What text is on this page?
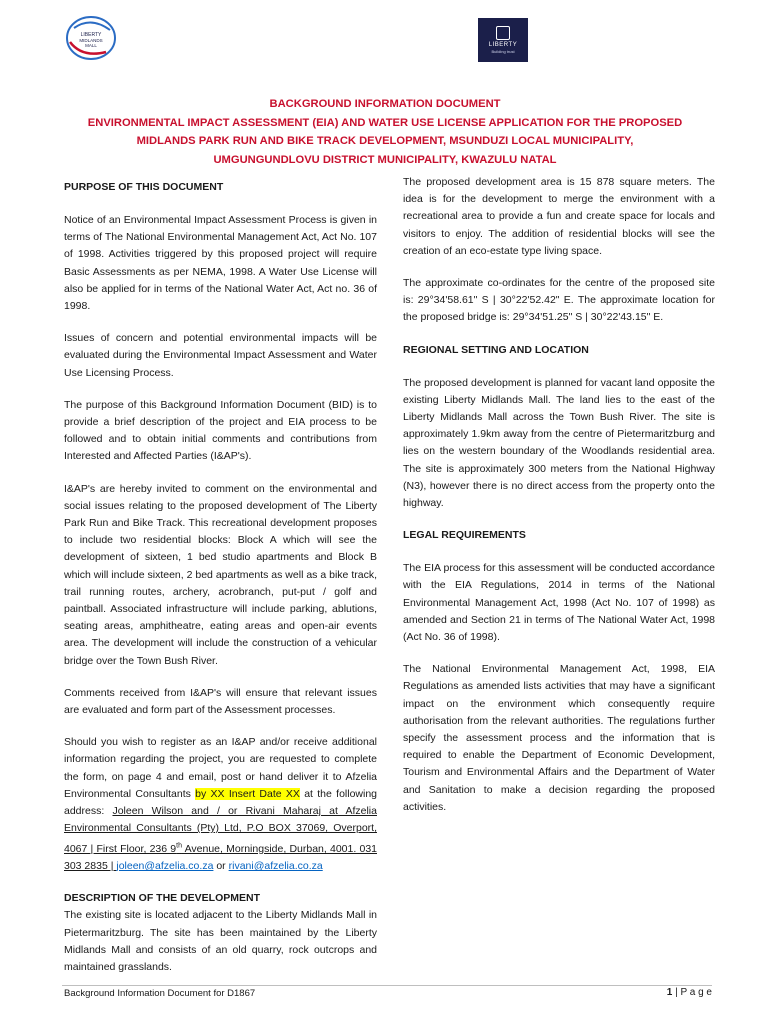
LIBERTY
MIDLANDS
MALL	LIBERTY
Building trust
BACKGROUND INFORMATION DOCUMENT
ENVIRONMENTAL IMPACT ASSESSMENT (EIA) AND WATER USE LICENSE APPLICATION FOR THE PROPOSED
MIDLANDS PARK RUN AND BIKE TRACK DEVELOPMENT, MSUNDUZI LOCAL MUNICIPALITY,
UMGUNGUNDLOVU DISTRICT MUNICIPALITY, KWAZULU NATAL
PURPOSE OF THIS DOCUMENT

Notice of an Environmental Impact Assessment Process is given in terms of The National Environmental Management Act, Act No. 107 of 1998. Activities triggered by this proposed project will require Basic Assessments as per NEMA, 1998. A Water Use License will also be applied for in terms of the National Water Act, Act no. 36 of 1998.

Issues of concern and potential environmental impacts will be evaluated during the Environmental Impact Assessment and Water Use Licensing Process.

The purpose of this Background Information Document (BID) is to provide a brief description of the project and EIA process to be followed and to obtain initial comments and contributions from Interested and Affected Parties (I&AP's).

I&AP's are hereby invited to comment on the environmental and social issues relating to the proposed development of The Liberty Park Run and Bike Track. This recreational development proposes to include two residential blocks: Block A which will see the development of sixteen, 1 bed studio apartments and Block B which will include sixteen, 2 bed apartments as well as a bike track, trail running routes, archery, acrobranch, put-put / golf and paintball. Associated infrastructure will include parking, ablutions, seating areas, amphitheatre, eating areas and open-air events area. The development will include the construction of a vehicular bridge over the Town Bush River.

Comments received from I&AP's will ensure that relevant issues are evaluated and form part of the Assessment processes.

Should you wish to register as an I&AP and/or receive additional information regarding the project, you are requested to complete the form, on page 4 and email, post or hand deliver it to Afzelia Environmental Consultants by XX Insert Date XX at the following address: Joleen Wilson and / or Rivani Maharaj at Afzelia Environmental Consultants (Pty) Ltd, P.O BOX 37069, Overport, 4067 | First Floor, 236 9th Avenue, Morningside, Durban, 4001. 031 303 2835 | joleen@afzelia.co.za or rivani@afzelia.co.za

DESCRIPTION OF THE DEVELOPMENT

The existing site is located adjacent to the Liberty Midlands Mall in Pietermaritzburg. The site has been maintained by the Liberty Midlands Mall and consists of an old quarry, rock outcrops and maintained grasslands.

The proposed development area is 15 878 square meters. The idea is for the development to merge the environment with a recreational area to provide a fun and create space for locals and visitors to enjoy. The addition of residential blocks will see the creation of an eco-estate type living space.

The approximate co-ordinates for the centre of the proposed site is: 29°34'58.61" S | 30°22'52.42" E. The approximate location for the proposed bridge is: 29°34'51.25" S | 30°22'43.15" E.

REGIONAL SETTING AND LOCATION

The proposed development is planned for vacant land opposite the existing Liberty Midlands Mall. The land lies to the east of the Liberty Midlands Mall across the Town Bush River. The site is approximately 1.9km away from the centre of Pietermaritzburg and lies on the western boundary of the Woodlands residential area. The site is approximately 300 meters from the National Highway (N3), however there is no direct access from the property onto the highway.

LEGAL REQUIREMENTS

The EIA process for this assessment will be conducted accordance with the EIA Regulations, 2014 in terms of the National Environmental Management Act, 1998 (Act No. 107 of 1998) as amended and Section 21 in terms of The National Water Act, 1998 (Act No. 36 of 1998).

The National Environmental Management Act, 1998, EIA Regulations as amended lists activities that may have a significant impact on the environment which consequently require authorisation from the relevant authorities. The regulations further specify the assessment process and the information that is required to enable the Department of Economic Development, Tourism and Environmental Affairs and the Department of Water and Sanitation to make a decision regarding the proposed activities.

Background Information Document for D1867	1 | P a g e
